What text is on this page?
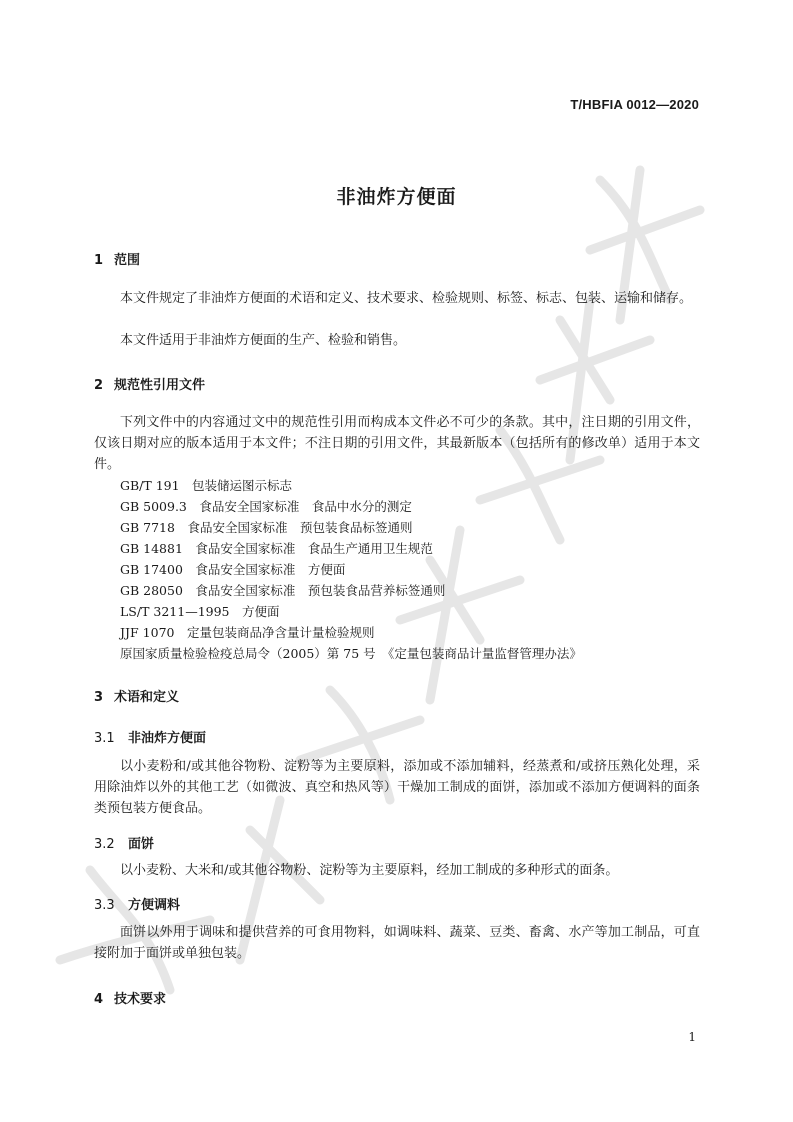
T/HBFIA 0012—2020
非油炸方便面
1 范围
本文件规定了非油炸方便面的术语和定义、技术要求、检验规则、标签、标志、包装、运输和储存。
本文件适用于非油炸方便面的生产、检验和销售。
2 规范性引用文件
下列文件中的内容通过文中的规范性引用而构成本文件必不可少的条款。其中，注日期的引用文件，仅该日期对应的版本适用于本文件；不注日期的引用文件，其最新版本（包括所有的修改单）适用于本文件。
GB/T 191　包装储运图示标志
GB 5009.3　食品安全国家标准　食品中水分的测定
GB 7718　食品安全国家标准　预包装食品标签通则
GB 14881　食品安全国家标准　食品生产通用卫生规范
GB 17400　食品安全国家标准　方便面
GB 28050　食品安全国家标准　预包装食品营养标签通则
LS/T 3211—1995　方便面
JJF 1070　定量包装商品净含量计量检验规则
原国家质量检验检疫总局令（2005）第 75 号　《定量包装商品计量监督管理办法》
3 术语和定义
3.1 非油炸方便面
以小麦粉和/或其他谷物粉、淀粉等为主要原料，添加或不添加辅料，经蒸煮和/或挤压熟化处理，采用除油炸以外的其他工艺（如微波、真空和热风等）干燥加工制成的面饼，添加或不添加方便调料的面条类预包装方便食品。
3.2 面饼
以小麦粉、大米和/或其他谷物粉、淀粉等为主要原料，经加工制成的多种形式的面条。
3.3 方便调料
面饼以外用于调味和提供营养的可食用物料，如调味料、蔬菜、豆类、畜禽、水产等加工制品，可直接附加于面饼或单独包装。
4 技术要求
1
